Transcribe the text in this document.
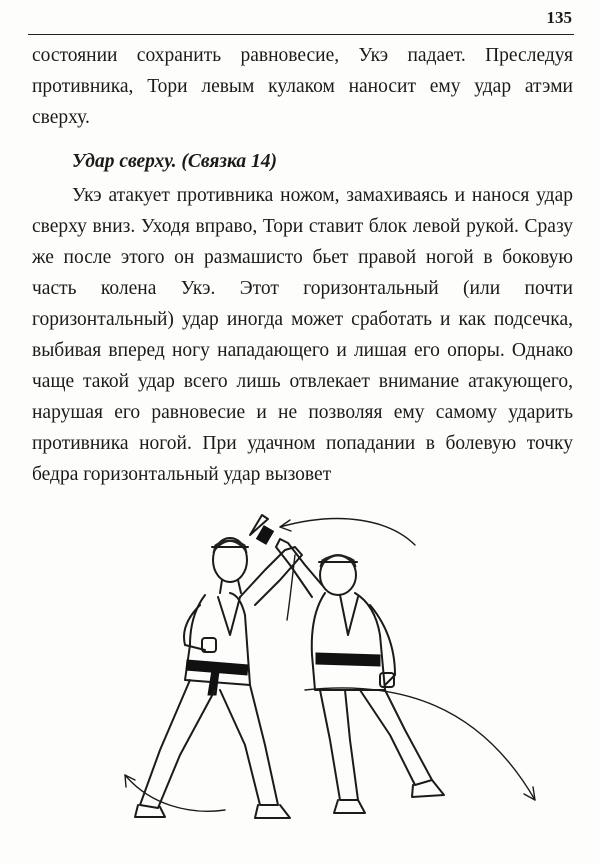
135

состоянии сохранить равновесие, Укэ падает. Преследуя противника, Тори левым кулаком наносит ему удар атэми сверху.

Удар сверху. (Связка 14)

Укэ атакует противника ножом, замахиваясь и нанося удар сверху вниз. Уходя вправо, Тори ставит блок левой рукой. Сразу же после этого он размашисто бьет правой ногой в боковую часть колена Укэ. Этот горизонтальный (или почти горизонтальный) удар иногда может сработать и как подсечка, выбивая вперед ногу нападающего и лишая его опоры. Однако чаще такой удар всего лишь отвлекает внимание атакующего, нарушая его равновесие и не позволяя ему самому ударить противника ногой. При удачном попадании в болевую точку бедра горизонтальный удар вызовет
